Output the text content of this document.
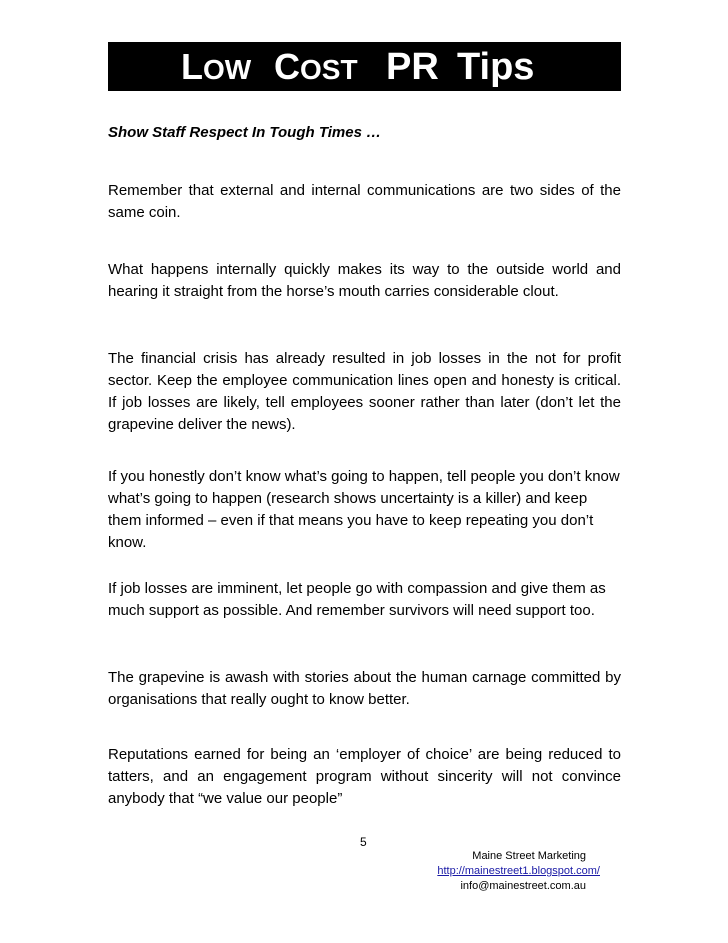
LOW COST PR Tips
Show Staff Respect In Tough Times …

Remember that external and internal communications are two sides of the same coin.

What happens internally quickly makes its way to the outside world and hearing it straight from the horse’s mouth carries considerable clout.

The financial crisis has already resulted in job losses in the not for profit sector. Keep the employee communication lines open and honesty is critical. If job losses are likely, tell employees sooner rather than later (don’t let the grapevine deliver the news).

If you honestly don’t know what’s going to happen, tell people you don’t know what’s going to happen (research shows uncertainty is a killer) and keep them informed – even if that means you have to keep repeating you don’t know.

If job losses are imminent, let people go with compassion and give them as much support as possible. And remember survivors will need support too.

The grapevine is awash with stories about the human carnage committed by organisations that really ought to know better.

Reputations earned for being an ‘employer of choice’ are being reduced to tatters, and an engagement program without sincerity will not convince anybody that “we value our people”

5
Maine Street Marketing
http://mainestreet1.blogspot.com/
info@mainestreet.com.au
